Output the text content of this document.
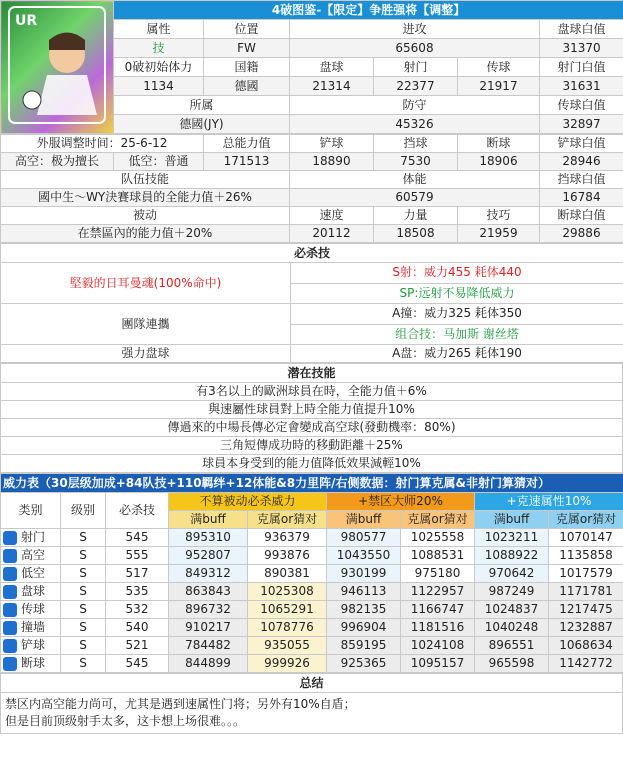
UR	4破图鉴-【限定】争胜强将【调整】					
	属性	位置	进攻			盘球白值
	技	FW	65608			31370
	0破初始体力	国籍	盘球	射门	传球	射门白值
	1134	德國	21314	22377	21917	31631
	所属		防守			传球白值
	德國(JY)		45326			32897
外服调整时间：25-6-12		总能力值	铲球	挡球	断球	铲球白值
高空：极为擅长	低空：普通	171513	18890	7530	18906	28946
队伍技能			体能			挡球白值
國中生～WY決賽球員的全能力值＋26%			60579			16784
被动			速度	力量	技巧	断球白值
在禁區內的能力值＋20%			20112	18508	21959	29886
必杀技	
堅毅的日耳曼魂(100%命中)	S射：威力455 耗体440
	SP:远射不易降低威力
團隊連攜	A撞：威力325 耗体350
	组合技：马加斯 谢丝塔
强力盘球	A盘：威力265 耗体190
潜在技能
有3名以上的歐洲球員在時，全能力值＋6%
與速屬性球員對上時全能力值提升10%
傳過來的中場長傳必定會變成高空球(發動機率：80%)
三角短傳成功時的移動距離＋25%
球員本身受到的能力值降低效果減輕10%
威力表（30层级加成+84队技+110羁绊+12体能&8力里阵/右侧数据：射门算克属&非射门算猜对）								
类别	级别	必杀技	不算被动必杀威力		+禁区大师20%		+克速属性10%	
			满buff	克属or猜对	满buff	克属or猜对	满buff	克属or猜对
射门	S	545	895310	936379	980577	1025558	1023211	1070147
高空	S	555	952807	993876	1043550	1088531	1088922	1135858
低空	S	517	849312	890381	930199	975180	970642	1017579
盘球	S	535	863843	1025308	946113	1122957	987249	1171781
传球	S	532	896732	1065291	982135	1166747	1024837	1217475
撞墙	S	540	910217	1078776	996904	1181516	1040248	1232887
铲球	S	521	784482	935055	859195	1024108	896551	1068634
断球	S	545	844899	999926	925365	1095157	965598	1142772
总结

禁区内高空能力尚可，尤其是遇到速属性门将；另外有10%自盾；
但是目前顶级射手太多，这卡想上场很难。。。
